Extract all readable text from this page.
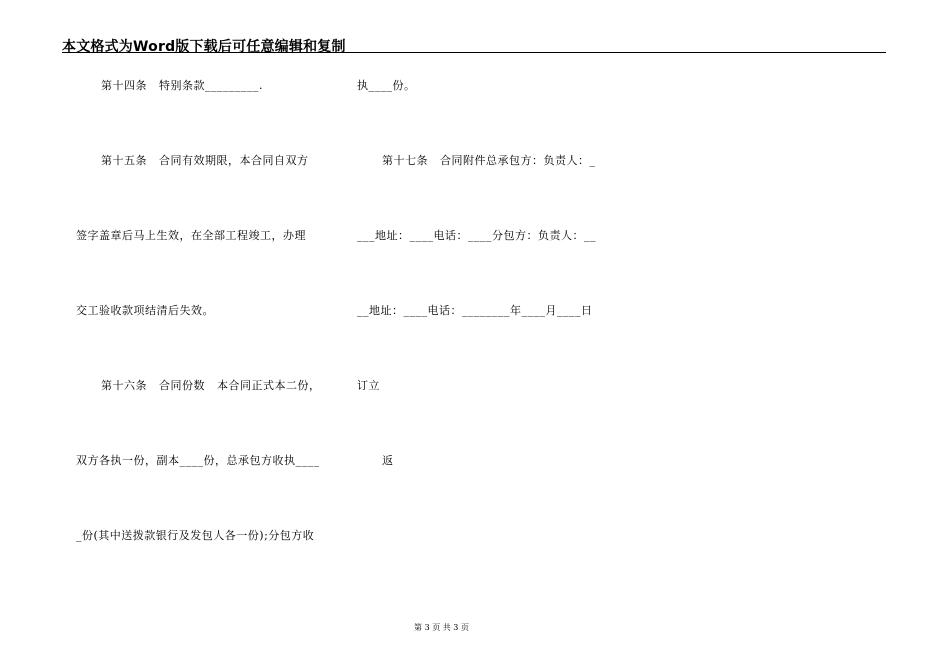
本文格式为Word版下载后可任意编辑和复制
第十四条   特别条款_________.
第十五条   合同有效期限，本合同自双方
签字盖章后马上生效，在全部工程竣工，办理
交工验收款项结清后失效。
第十六条   合同份数   本合同正式本二份，
双方各执一份，副本____份，总承包方收执____
_份(其中送拨款银行及发包人各一份);分包方收
执____份。
第十七条   合同附件总承包方：负责人：_
___地址：____电话：____分包方：负责人：__
__地址：____电话：________年____月____日
订立
返
第 3 页 共 3 页
